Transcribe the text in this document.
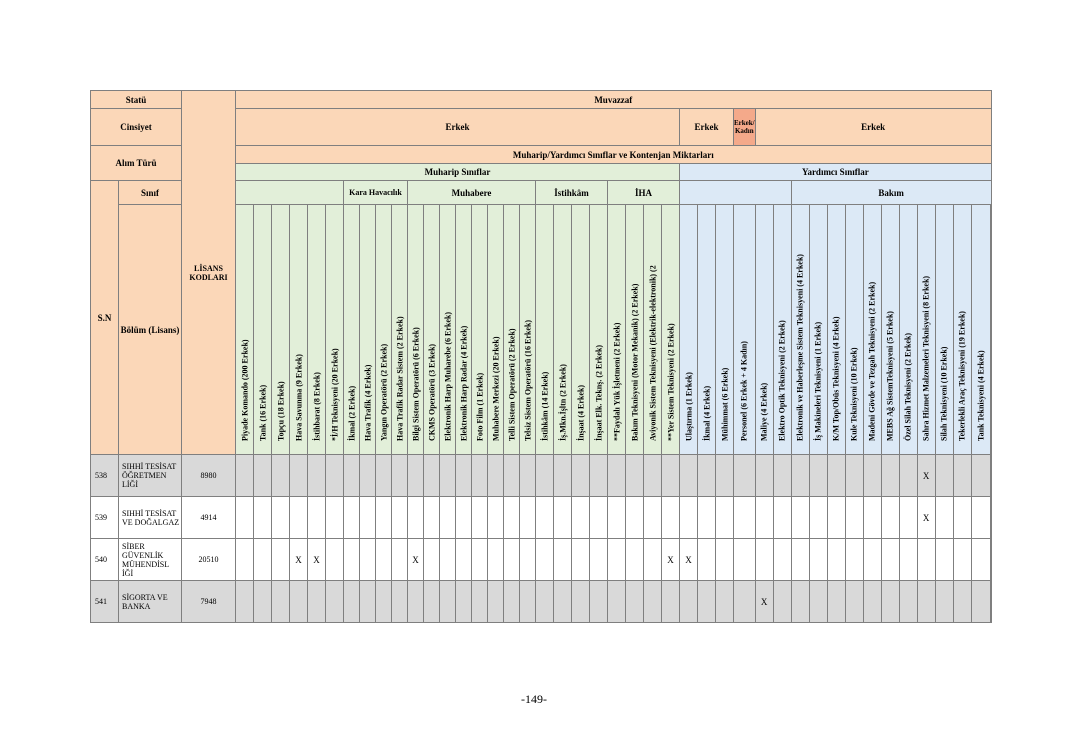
Statü		LİSANS KODLARI	Muvazzaf																																											
Cinsiyet			Erkek																										Erkek			Erkek/ Kadın	Erkek													
Alım Türü			Muharip/Yardımcı Sınıflar ve Kontenjan Miktarları																																											
			Muharip Sınıflar																										Yardımcı Sınıflar																	
S.N	Sınıf								Kara Havacılık				Muhabere								İstihkâm				İHA										Bakım											
	Bölüm (Lisans)		Piyade Komando (200 Erkek)	Tank (16 Erkek)	Topçu (18 Erkek)	Hava Savunma (9 Erkek)	İstihbarat (8 Erkek)	*İ/H Teknisyeni (20 Erkek)	İkmal (2 Erkek)	Hava Trafik (4 Erkek)	Yangın Operatörü (2 Erkek)	Hava Trafik Radar Sistem (2 Erkek)	Bilgi Sistem Operatörü (6 Erkek)	CKMS Operatörü (3 Erkek)	Elektronik Harp Muharebe (6 Erkek)	Elektronik Harp Radar (4 Erkek)	Foto Film (1 Erkek)	Muhabere Merkezi (20 Erkek)	Telli Sistem Operatörü (2 Erkek)	Telsiz Sistem Operatörü (16 Erkek)	İstihkâm (14 Erkek)	İş.Mkn.İşltn (2 Erkek)	İnşaat (4 Erkek)	İnşaat Elk. Teknş. (2 Erkek)	**Faydalı Yük İşletmeni (2 Erkek)	Bakım Teknisyeni (Motor Mekanik) (2 Erkek)	Aviyonik Sistem Teknisyeni (Elektrik-elektronik) (2	**Yer Sistem Teknisyeni (2 Erkek)	Ulaştırma (1 Erkek)	İkmal (4 Erkek)	Mühimmat (6 Erkek)	Personel (6 Erkek + 4 Kadın)	Maliye (4 Erkek)	Elektro Optik Teknisyeni (2 Erkek)	Elektronik ve Haberleşme Sistem Teknisyeni (4 Erkek)	İş Makineleri Teknisyeni (1 Erkek)	K/M Top/Obüs Teknisyeni (4 Erkek)	Kule Teknisyeni (10 Erkek)	Madeni Gövde ve Tezgah Teknisyeni (2 Erkek)	MEBS Ağ SistemTeknisyeni (5 Erkek)	Özel Silah Teknisyeni (2 Erkek)	Sahra Hizmet Malzemeleri Teknisyeni (8 Erkek)	Silah Teknisyeni (10 Erkek)	Tekerlekli Araç Teknisyeni (19 Erkek)	Tank Teknisyeni (4 Erkek)

538	SIHHİ TESİSAT ÖĞRETMEN LİĞİ	8980																																								X				
539	SIHHİ TESİSAT VE DOĞALGAZ	4914																																								X				
540	SİBER GÜVENLİK MÜHENDİSL İĞİ	20510				X	X						X															X	X																	
541	SİGORTA VE BANKA	7948																															X													
-149-
